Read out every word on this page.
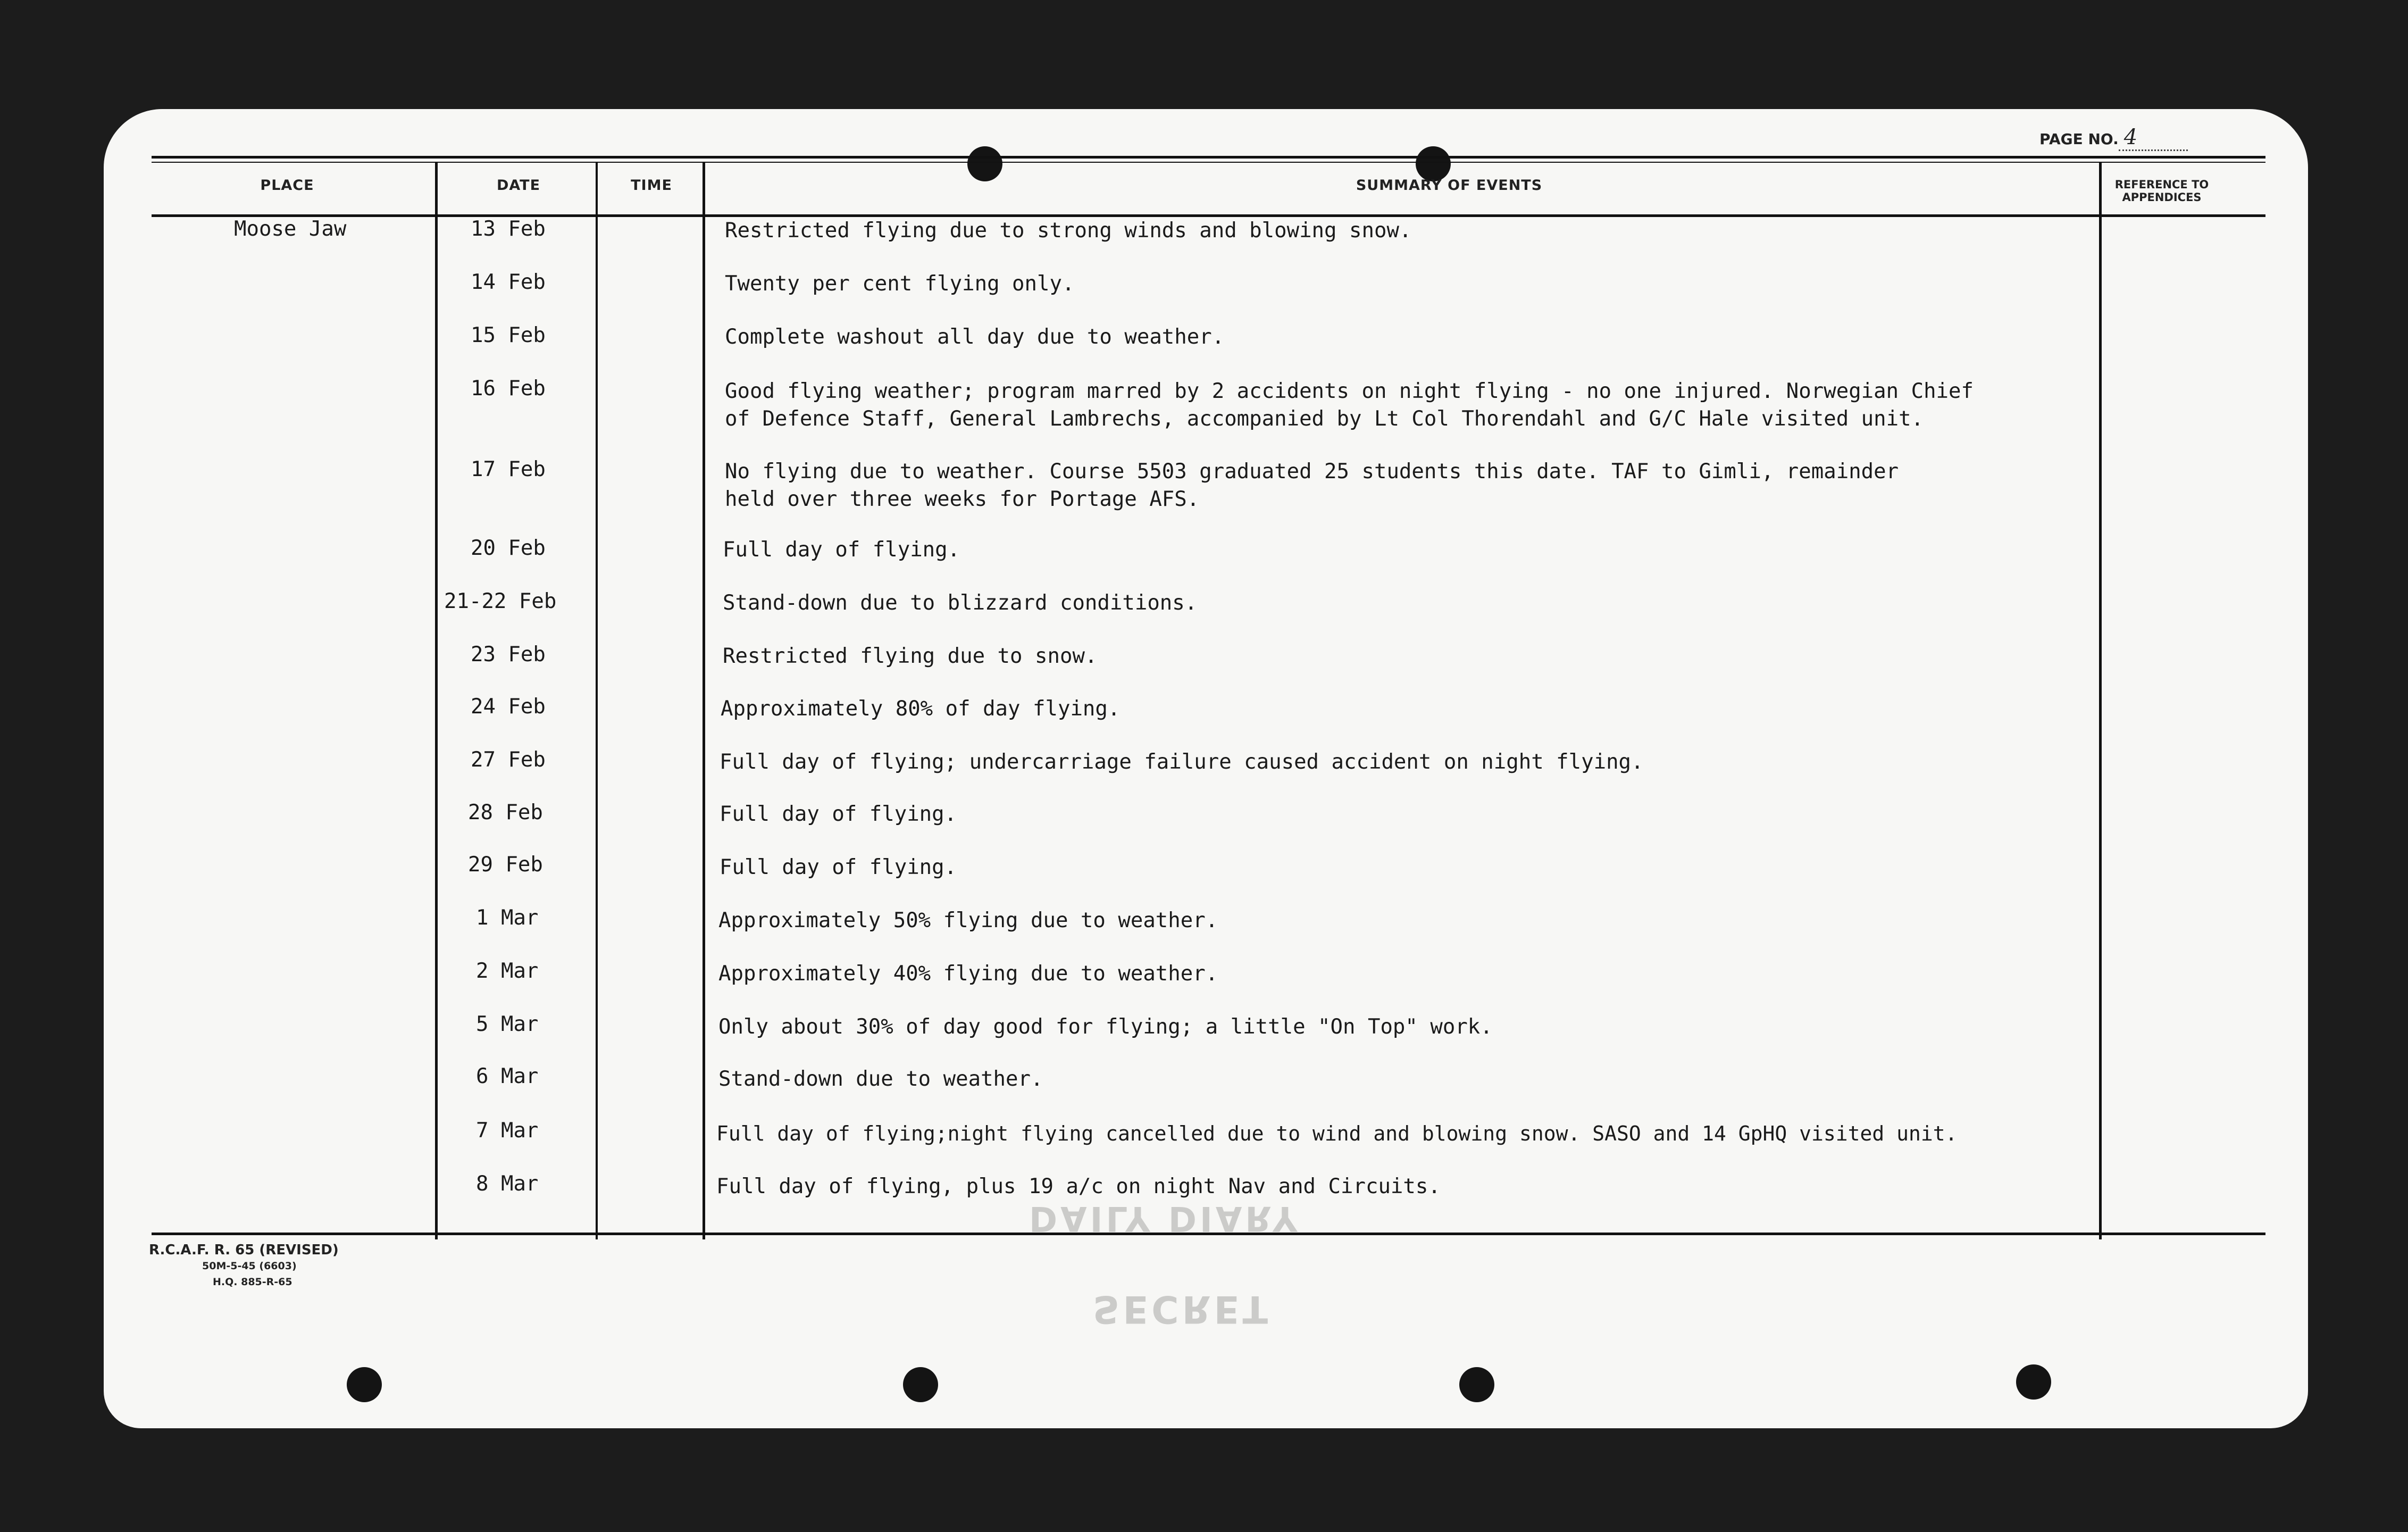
PAGE NO. 4
PLACE	DATE	TIME	SUMMARY OF EVENTS	REFERENCE TO APPENDICES
Moose Jaw	13 Feb	Restricted flying due to strong winds and blowing snow.
14 Feb	Twenty per cent flying only.
15 Feb	Complete washout all day due to weather.
16 Feb	Good flying weather; program marred by 2 accidents on night flying - no one injured. Norwegian Chief
of Defence Staff, General Lambrechs, accompanied by Lt Col Thorendahl and G/C Hale visited unit.
17 Feb	No flying due to weather. Course 5503 graduated 25 students this date. TAF to Gimli, remainder
held over three weeks for Portage AFS.
20 Feb	Full day of flying.
21-22 Feb	Stand-down due to blizzard conditions.
23 Feb	Restricted flying due to snow.
24 Feb	Approximately 80% of day flying.
27 Feb	Full day of flying; undercarriage failure caused accident on night flying.
28 Feb	Full day of flying.
29 Feb	Full day of flying.
1 Mar	Approximately 50% flying due to weather.
2 Mar	Approximately 40% flying due to weather.
5 Mar	Only about 30% of day good for flying; a little "On Top" work.
6 Mar	Stand-down due to weather.
7 Mar	Full day of flying;night flying cancelled due to wind and blowing snow. SASO and 14 GpHQ visited unit.
8 Mar	Full day of flying, plus 19 a/c on night Nav and Circuits.
DAILY DIARY
SECRET
R.C.A.F. R. 65 (REVISED)
50M-5-45 (6603)
H.Q. 885-R-65
